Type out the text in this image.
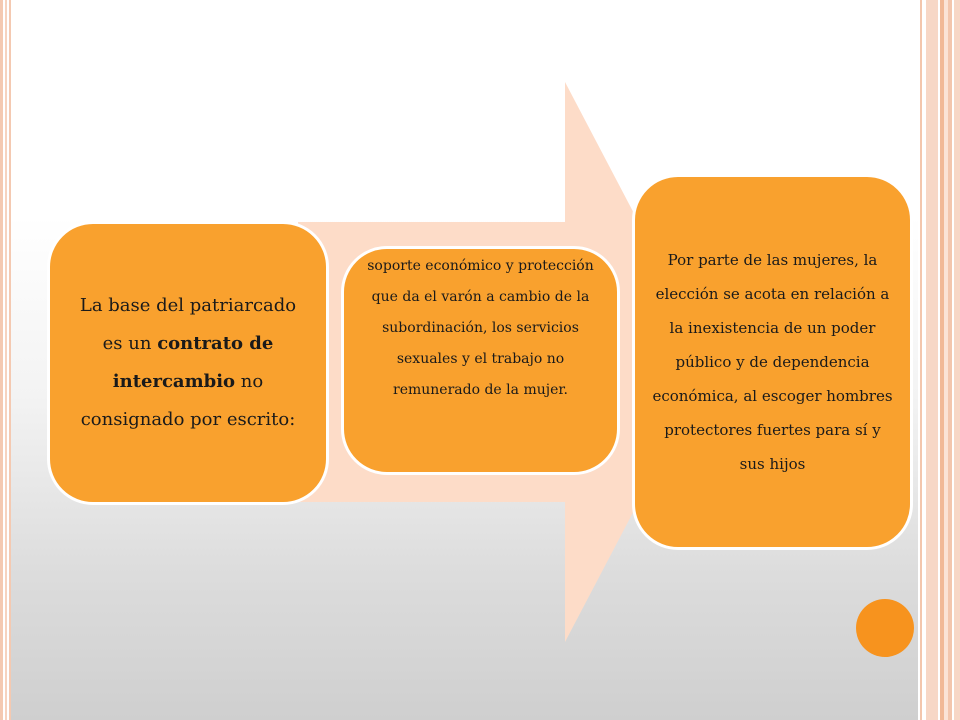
La base del patriarcado es un contrato de intercambio no consignado por escrito:
soporte económico y protección que da el varón a cambio de la subordinación, los servicios sexuales y el trabajo no remunerado de la mujer.
Por parte de las mujeres, la elección se acota en relación a la inexistencia de un poder público y de dependencia económica, al escoger hombres protectores fuertes para sí y sus hijos
